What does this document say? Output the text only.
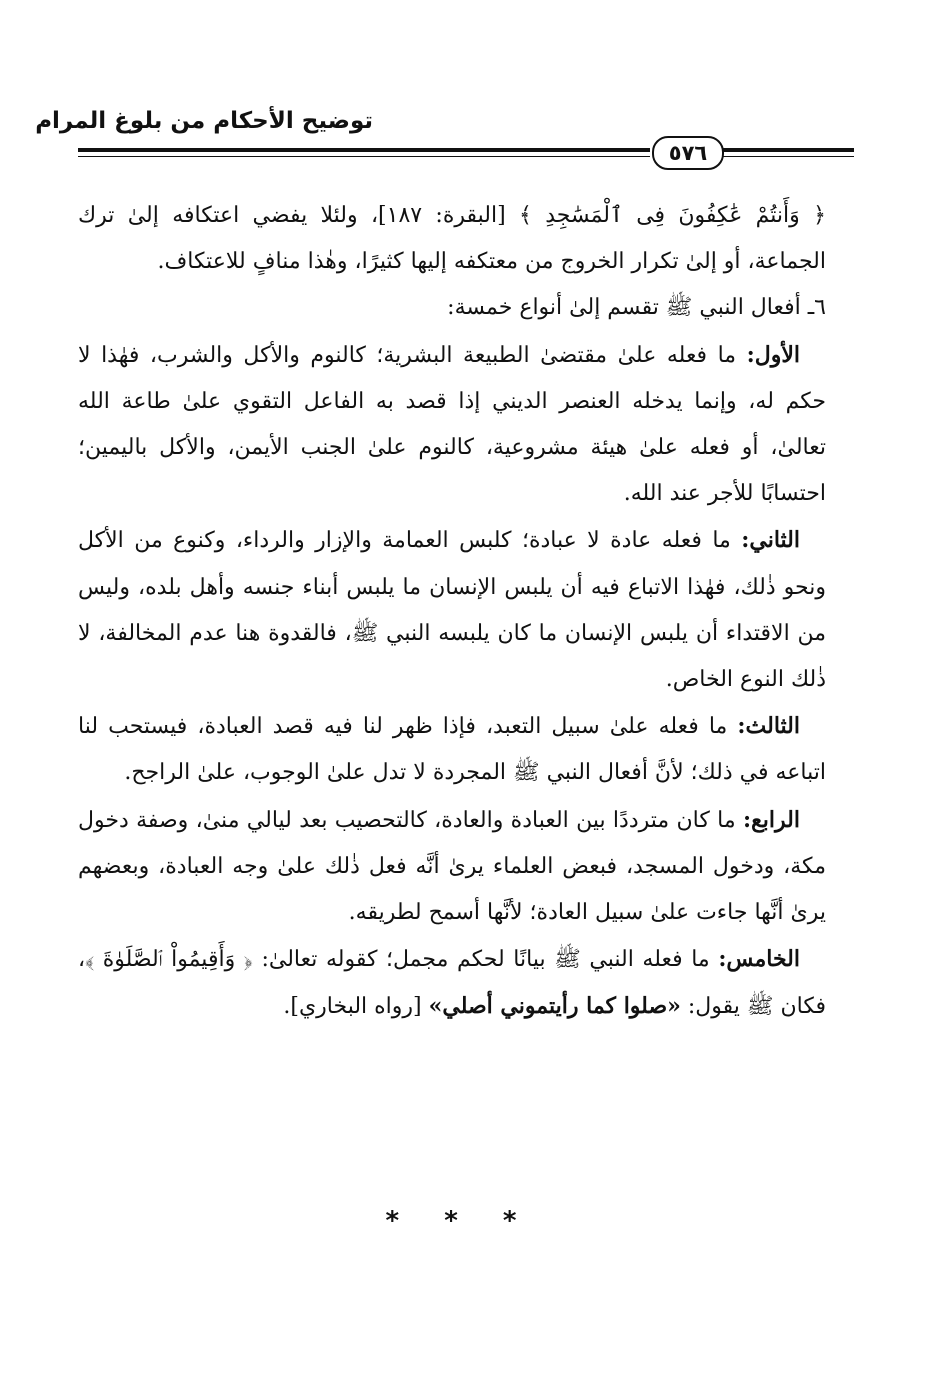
توضيح الأحكام من بلوغ المرام
٥٧٦

﴿ وَأَنتُمْ عَٰكِفُونَ فِى ٱلْمَسَٰجِدِ ﴾ [البقرة: ١٨٧]، ولئلا يفضي اعتكافه إلىٰ ترك الجماعة، أو إلىٰ تكرار الخروج من معتكفه إليها كثيرًا، وهٰذا منافٍ للاعتكاف.

٦ـ أفعال النبي ﷺ تقسم إلىٰ أنواع خمسة:

الأول: ما فعله علىٰ مقتضىٰ الطبيعة البشرية؛ كالنوم والأكل والشرب، فهٰذا لا حكم له، وإنما يدخله العنصر الديني إذا قصد به الفاعل التقوي علىٰ طاعة الله تعالىٰ، أو فعله علىٰ هيئة مشروعية، كالنوم علىٰ الجنب الأيمن، والأكل باليمين؛ احتسابًا للأجر عند الله.

الثاني: ما فعله عادة لا عبادة؛ كلبس العمامة والإزار والرداء، وكنوع من الأكل ونحو ذٰلك، فهٰذا الاتباع فيه أن يلبس الإنسان ما يلبس أبناء جنسه وأهل بلده، وليس من الاقتداء أن يلبس الإنسان ما كان يلبسه النبي ﷺ، فالقدوة هنا عدم المخالفة، لا ذٰلك النوع الخاص.

الثالث: ما فعله علىٰ سبيل التعبد، فإذا ظهر لنا فيه قصد العبادة، فيستحب لنا اتباعه في ذلك؛ لأنَّ أفعال النبي ﷺ المجردة لا تدل علىٰ الوجوب، علىٰ الراجح.

الرابع: ما كان مترددًا بين العبادة والعادة، كالتحصيب بعد ليالي منىٰ، وصفة دخول مكة، ودخول المسجد، فبعض العلماء يرىٰ أنَّه فعل ذٰلك علىٰ وجه العبادة، وبعضهم يرىٰ أنَّها جاءت علىٰ سبيل العادة؛ لأنَّها أسمح لطريقه.

الخامس: ما فعله النبي ﷺ بيانًا لحكم مجمل؛ كقوله تعالىٰ: ﴿ وَأَقِيمُواْ ٱلصَّلَوٰةَ ﴾، فكان ﷺ يقول: «صلوا كما رأيتموني أصلي» [رواه البخاري].

* * *
